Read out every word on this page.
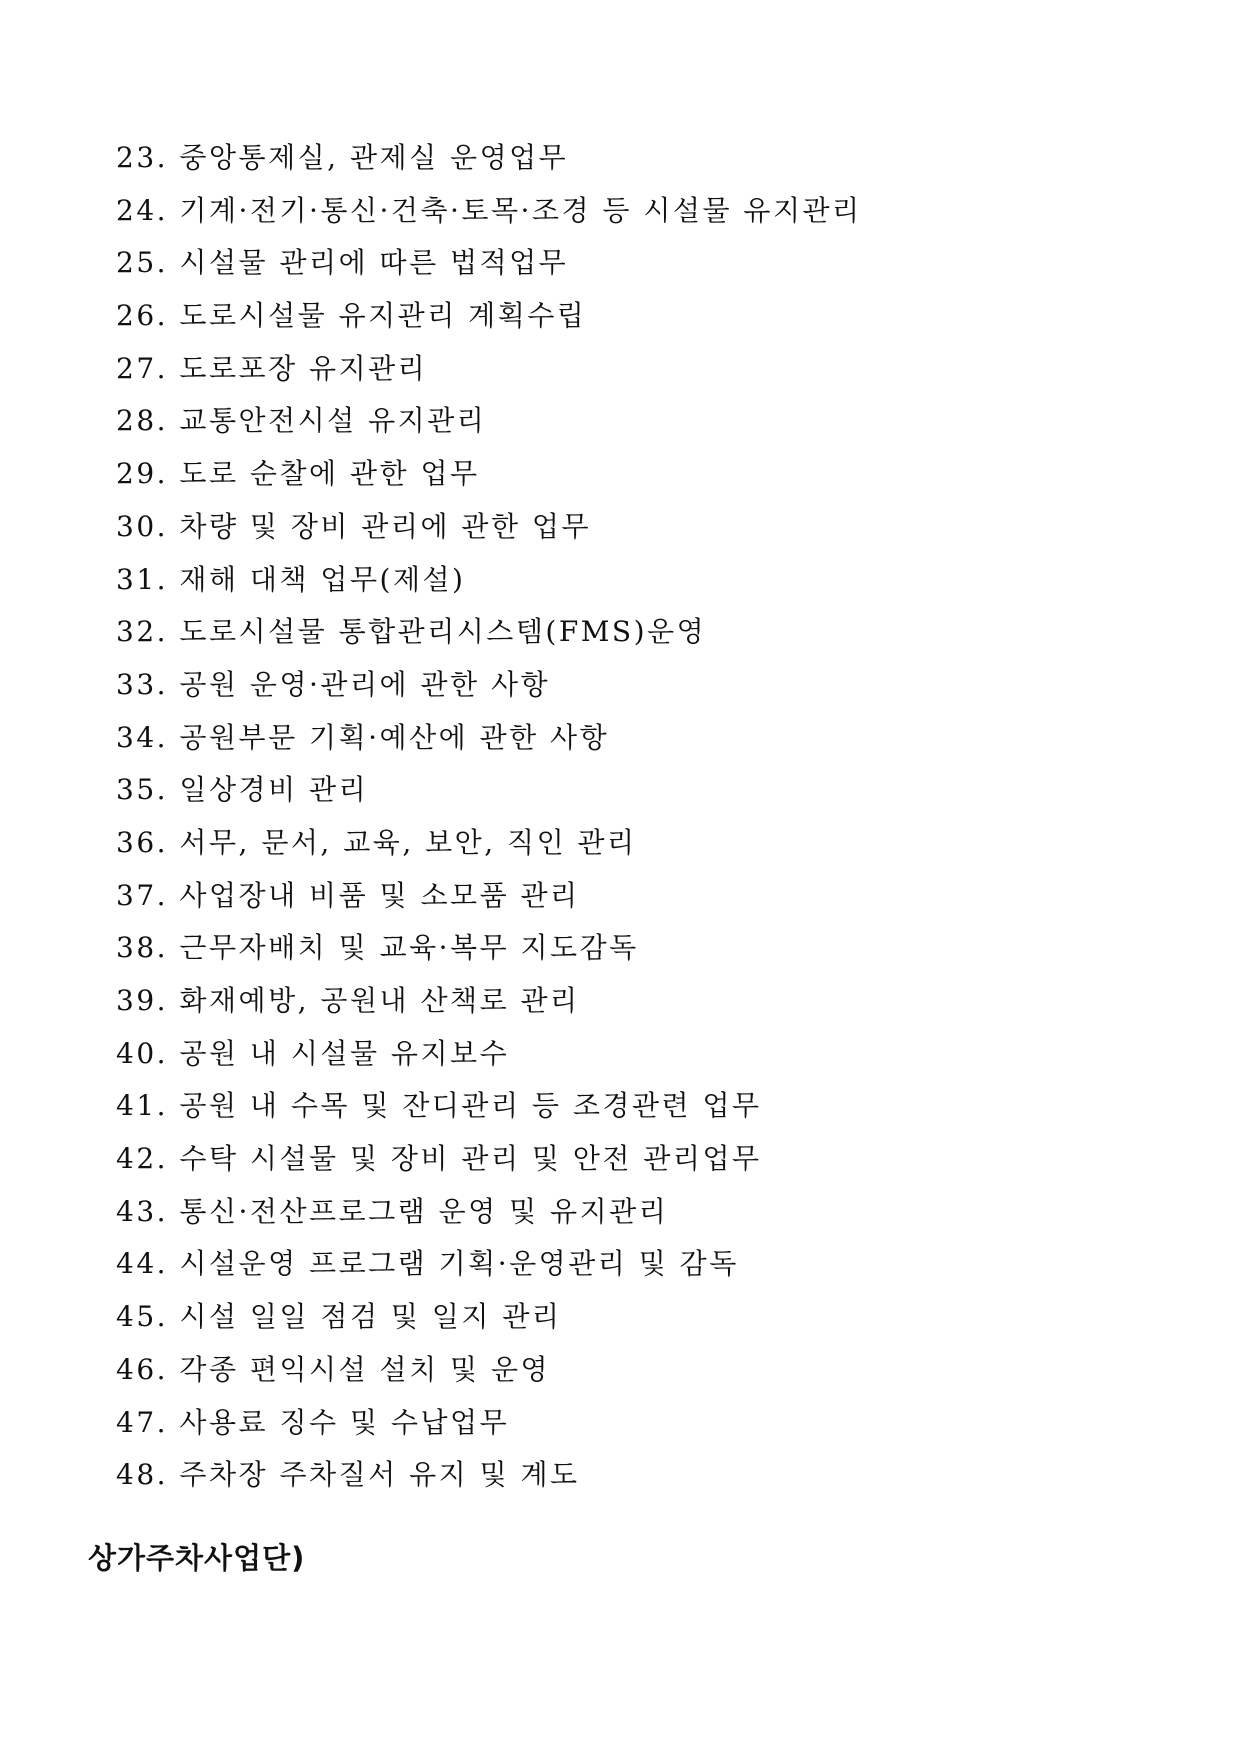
23. 중앙통제실, 관제실 운영업무
24. 기계·전기·통신·건축·토목·조경 등 시설물 유지관리
25. 시설물 관리에 따른 법적업무
26. 도로시설물 유지관리 계획수립
27. 도로포장 유지관리
28. 교통안전시설 유지관리
29. 도로 순찰에 관한 업무
30. 차량 및 장비 관리에 관한 업무
31. 재해 대책 업무(제설)
32. 도로시설물 통합관리시스템(FMS)운영
33. 공원 운영·관리에 관한 사항
34. 공원부문 기획·예산에 관한 사항
35. 일상경비 관리
36. 서무, 문서, 교육, 보안, 직인 관리
37. 사업장내 비품 및 소모품 관리
38. 근무자배치 및 교육·복무 지도감독
39. 화재예방, 공원내 산책로 관리
40. 공원 내 시설물 유지보수
41. 공원 내 수목 및 잔디관리 등 조경관련 업무
42. 수탁 시설물 및 장비 관리 및 안전 관리업무
43. 통신·전산프로그램 운영 및 유지관리
44. 시설운영 프로그램 기획·운영관리 및 감독
45. 시설 일일 점검 및 일지 관리
46. 각종 편익시설 설치 및 운영
47. 사용료 징수 및 수납업무
48. 주차장 주차질서 유지 및 계도
상가주차사업단)
